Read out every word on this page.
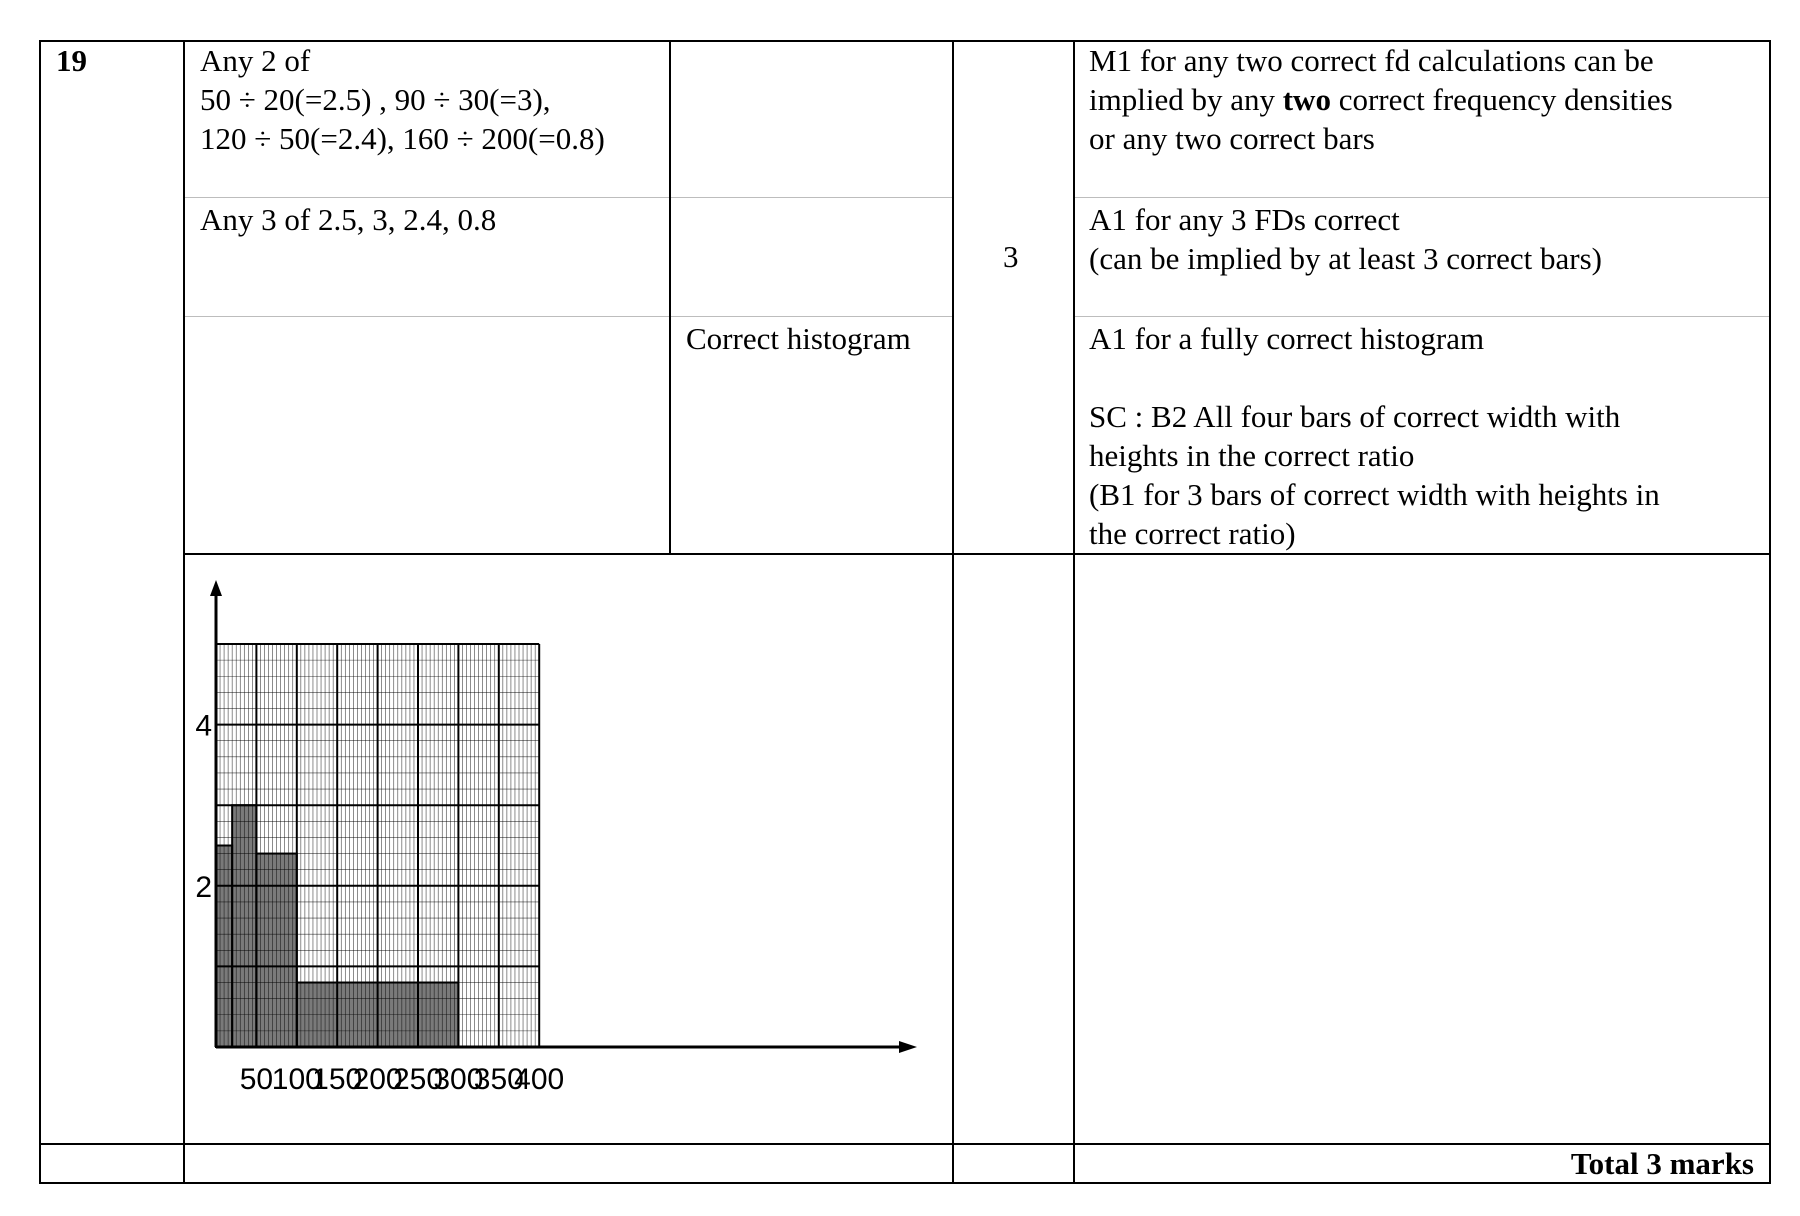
19	Any 2 of
50 ÷ 20(=2.5) , 90 ÷ 30(=3),
120 ÷ 50(=2.4), 160 ÷ 200(=0.8)
Any 3 of 2.5, 3, 2.4, 0.8
Correct histogram
3
M1 for any two correct fd calculations can be
implied by any two correct frequency densities
or any two correct bars
A1 for any 3 FDs correct
(can be implied by at least 3 correct bars)
A1 for a fully correct histogram
SC : B2 All four bars of correct width with
heights in the correct ratio
(B1 for 3 bars of correct width with heights in
the correct ratio)
Total 3 marks
50
100
150
200
250
300
350
400
2
4
